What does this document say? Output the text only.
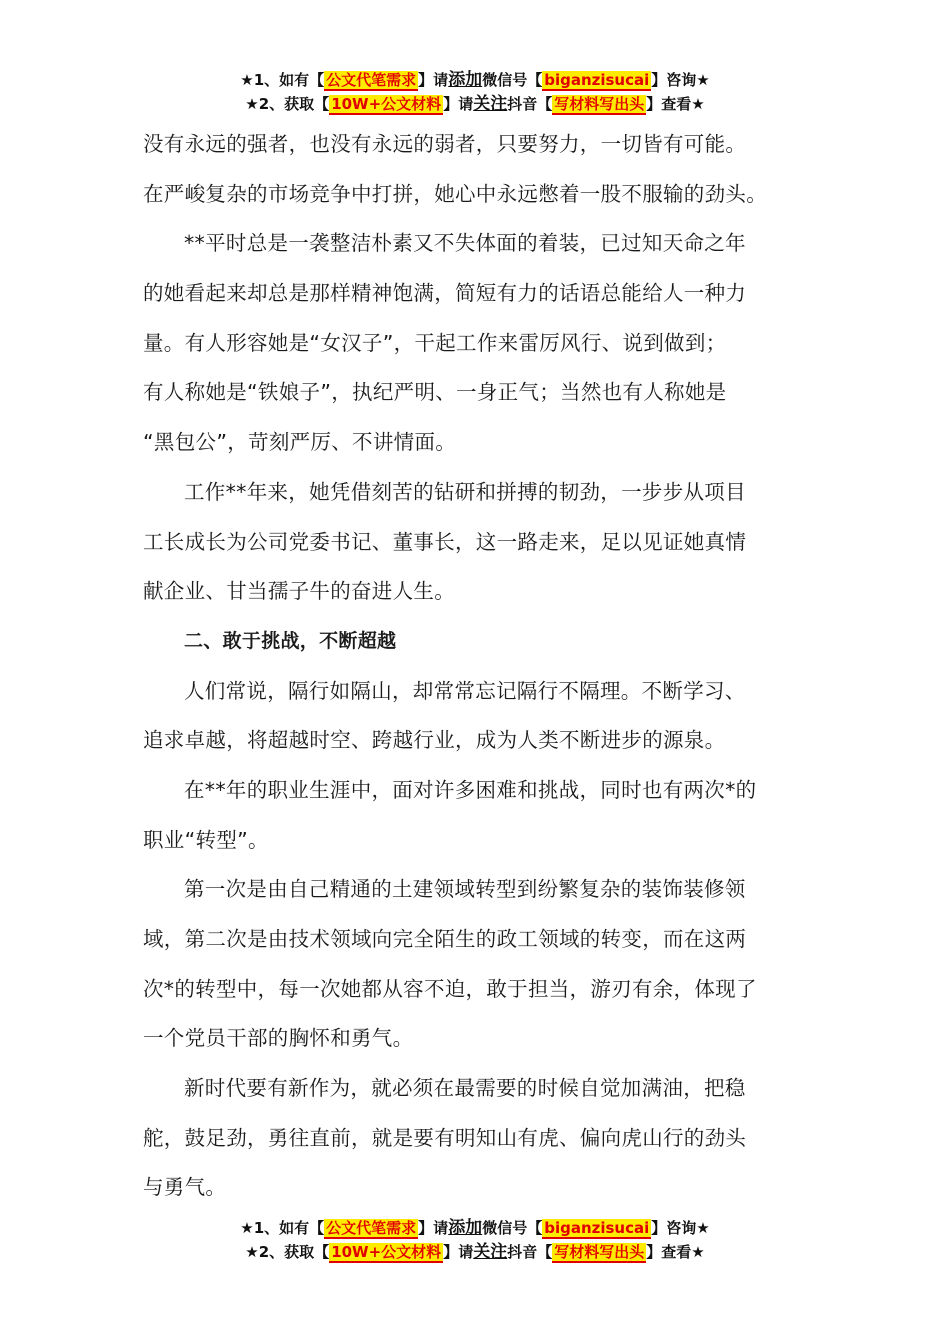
★1、如有【 公文代笔需求 】请添加微信号【 biganzisucai 】咨询★
★2、获取【 10W+公文材料 】请关注抖音【 写材料写出头 】查看★
没有永远的强者，也没有永远的弱者，只要努力，一切皆有可能。
在严峻复杂的市场竞争中打拼，她心中永远憋着一股不服输的劲头。
**平时总是一袭整洁朴素又不失体面的着装，已过知天命之年
的她看起来却总是那样精神饱满，简短有力的话语总能给人一种力
量。有人形容她是“女汉子”，干起工作来雷厉风行、说到做到；
有人称她是“铁娘子”，执纪严明、一身正气；当然也有人称她是
“黑包公”，苛刻严厉、不讲情面。
工作**年来，她凭借刻苦的钻研和拼搏的韧劲，一步步从项目
工长成长为公司党委书记、董事长，这一路走来，足以见证她真情
献企业、甘当孺子牛的奋进人生。
二、敢于挑战，不断超越
人们常说，隔行如隔山，却常常忘记隔行不隔理。不断学习、
追求卓越，将超越时空、跨越行业，成为人类不断进步的源泉。
在**年的职业生涯中，面对许多困难和挑战，同时也有两次*的
职业“转型”。
第一次是由自己精通的土建领域转型到纷繁复杂的装饰装修领
域，第二次是由技术领域向完全陌生的政工领域的转变，而在这两
次*的转型中，每一次她都从容不迫，敢于担当，游刃有余，体现了
一个党员干部的胸怀和勇气。
新时代要有新作为，就必须在最需要的时候自觉加满油，把稳
舵，鼓足劲，勇往直前，就是要有明知山有虎、偏向虎山行的劲头
与勇气。
★1、如有【 公文代笔需求 】请添加微信号【 biganzisucai 】咨询★
★2、获取【 10W+公文材料 】请关注抖音【 写材料写出头 】查看★
